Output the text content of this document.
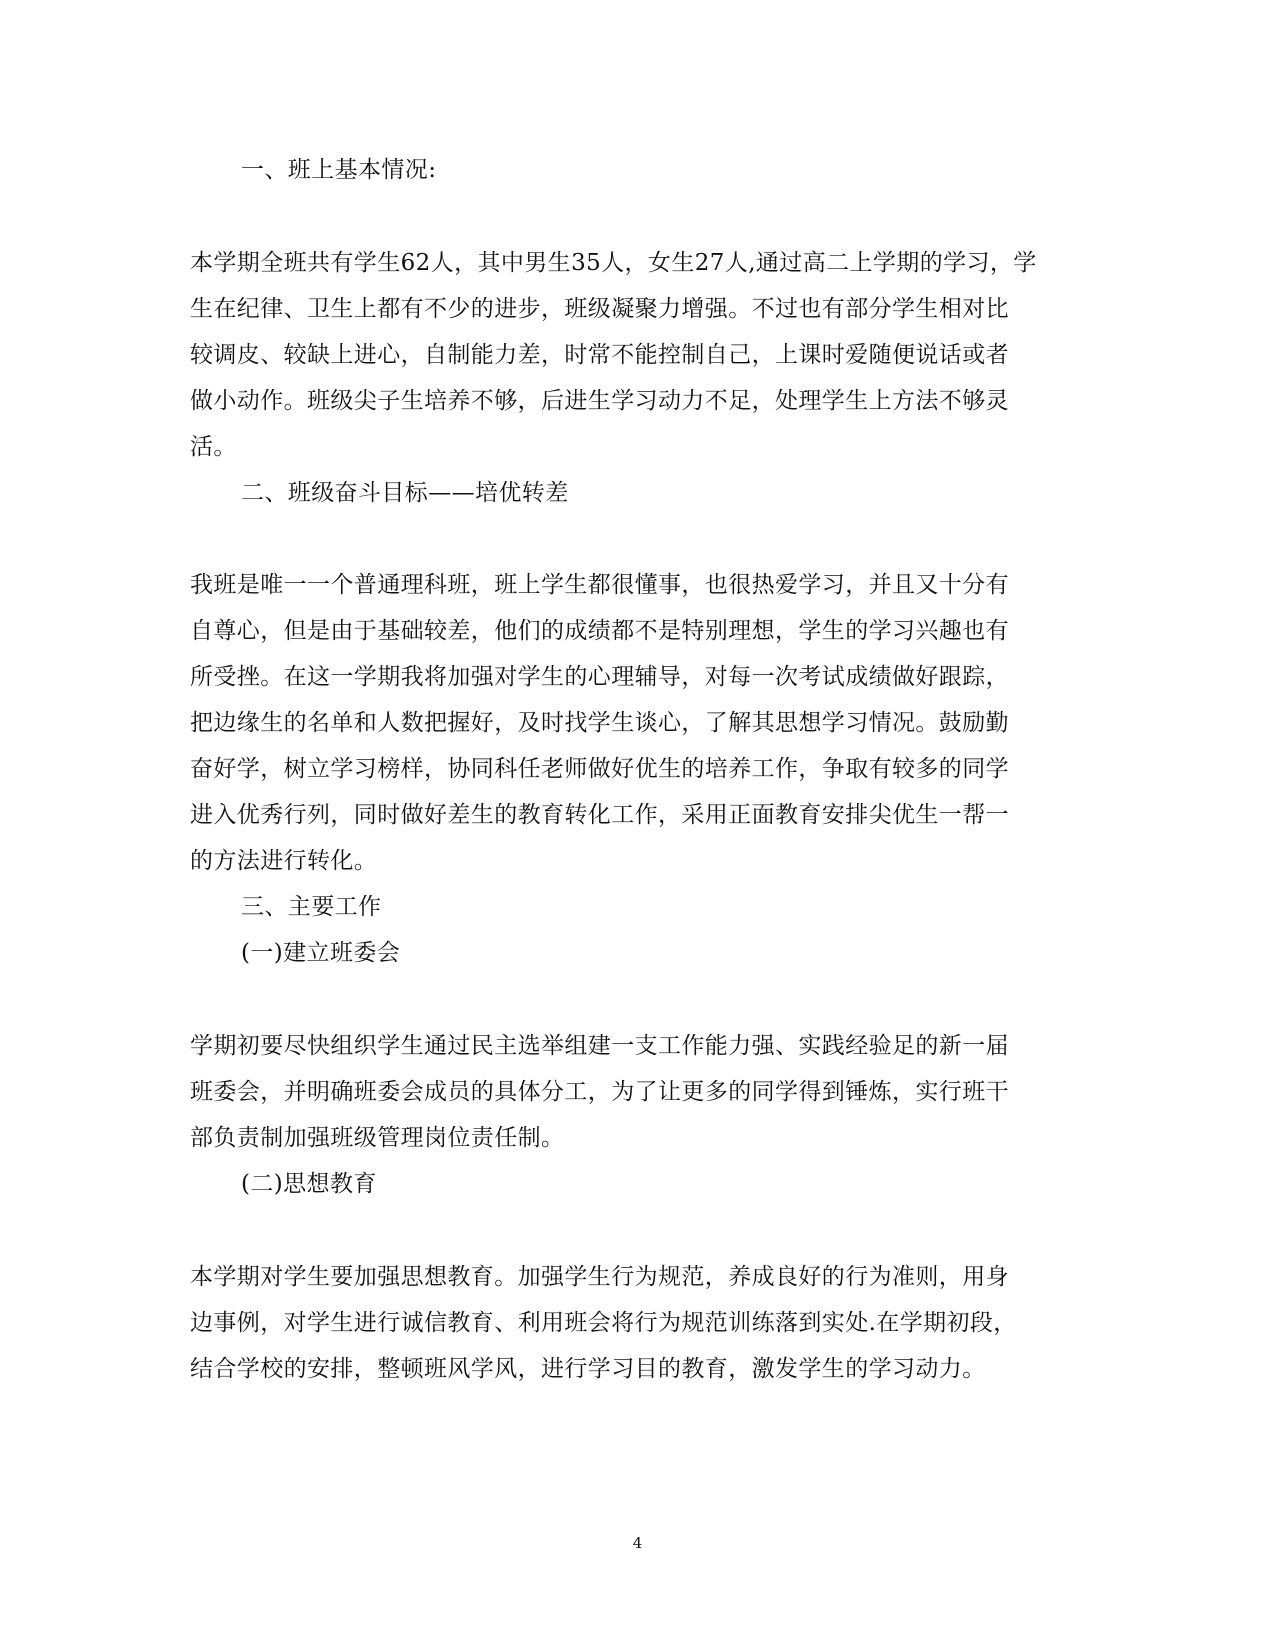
一、班上基本情况:
本学期全班共有学生62人，其中男生35人，女生27人,通过高二上学期的学习，学
生在纪律、卫生上都有不少的进步，班级凝聚力增强。不过也有部分学生相对比
较调皮、较缺上进心，自制能力差，时常不能控制自己，上课时爱随便说话或者
做小动作。班级尖子生培养不够，后进生学习动力不足，处理学生上方法不够灵
活。
二、班级奋斗目标——培优转差
我班是唯一一个普通理科班，班上学生都很懂事，也很热爱学习，并且又十分有
自尊心，但是由于基础较差，他们的成绩都不是特别理想，学生的学习兴趣也有
所受挫。在这一学期我将加强对学生的心理辅导，对每一次考试成绩做好跟踪，
把边缘生的名单和人数把握好，及时找学生谈心，了解其思想学习情况。鼓励勤
奋好学，树立学习榜样，协同科任老师做好优生的培养工作，争取有较多的同学
进入优秀行列，同时做好差生的教育转化工作，采用正面教育安排尖优生一帮一
的方法进行转化。
三、主要工作
(一)建立班委会
学期初要尽快组织学生通过民主选举组建一支工作能力强、实践经验足的新一届
班委会，并明确班委会成员的具体分工，为了让更多的同学得到锤炼，实行班干
部负责制加强班级管理岗位责任制。
(二)思想教育
本学期对学生要加强思想教育。加强学生行为规范，养成良好的行为准则，用身
边事例，对学生进行诚信教育、利用班会将行为规范训练落到实处.在学期初段，
结合学校的安排，整顿班风学风，进行学习目的教育，激发学生的学习动力。
4
